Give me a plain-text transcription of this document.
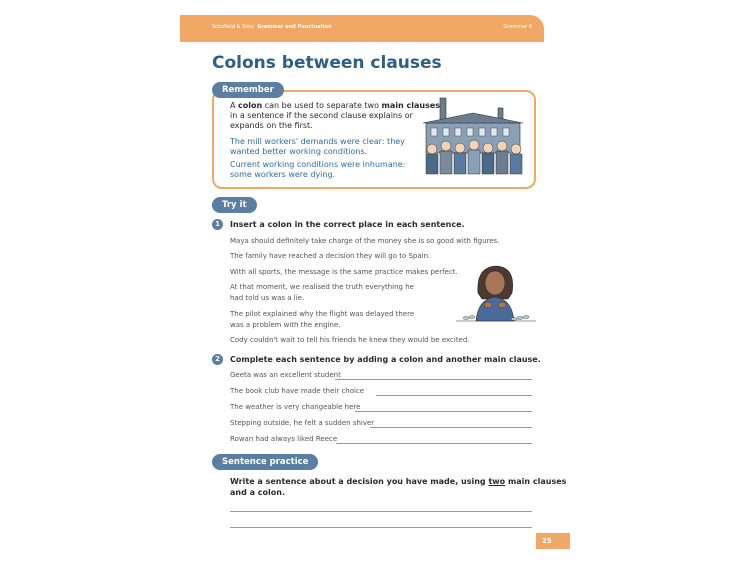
Schofield & Sims Grammar and Punctuation	Grammar 6
Colons between clauses
Remember
A colon can be used to separate two main clauses
in a sentence if the second clause explains or
expands on the first.
The mill workers' demands were clear: they
wanted better working conditions.
Current working conditions were inhumane:
some workers were dying.
Try it
1	Insert a colon in the correct place in each sentence.
Maya should definitely take charge of the money she is so good with figures.
The family have reached a decision they will go to Spain.
With all sports, the message is the same practice makes perfect.
At that moment, we realised the truth everything he
had told us was a lie.
The pilot explained why the flight was delayed there
was a problem with the engine.
Cody couldn't wait to tell his friends he knew they would be excited.
2	Complete each sentence by adding a colon and another main clause.
Geeta was an excellent student
The book club have made their choice
The weather is very changeable here
Stepping outside, he felt a sudden shiver
Rowan had always liked Reece
Sentence practice
Write a sentence about a decision you have made, using two main clauses
and a colon.
25
